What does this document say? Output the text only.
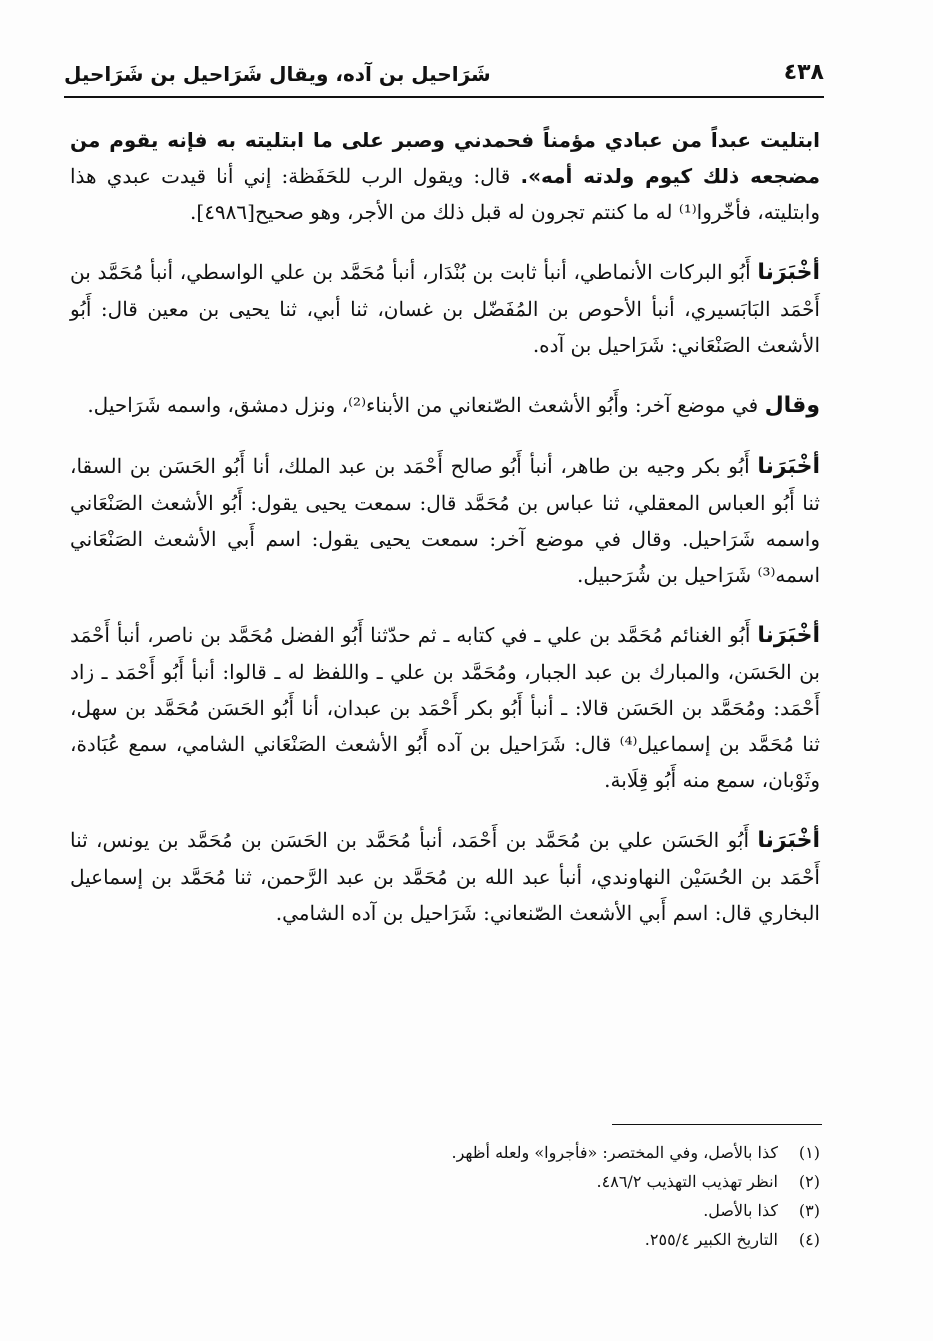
٤٣٨
شَرَاحيل بن آده، ويقال شَرَاحيل بن شَرَاحيل

ابتليت عبداً من عبادي مؤمناً فحمدني وصبر على ما ابتليته به فإنه يقوم من مضجعه ذلك كيوم ولدته أمه». قال: ويقول الرب للحَفَظة: إني أنا قيدت عبدي هذا وابتليته، فأخّروا⁽¹⁾ له ما كنتم تجرون له قبل ذلك من الأجر، وهو صحيح[٤٩٨٦].

أخْبَرَنا أَبُو البركات الأنماطي، أنبأ ثابت بن بُنْدَار، أنبأ مُحَمَّد بن علي الواسطي، أنبأ مُحَمَّد بن أَحْمَد البَابَسيري، أنبأ الأحوص بن المُفَضّل بن غسان، ثنا أبي، ثنا يحيى بن معين قال: أَبُو الأشعث الصَنْعَاني: شَرَاحيل بن آده.

وقال في موضع آخر: وأَبُو الأشعث الصّنعاني من الأبناء⁽²⁾، ونزل دمشق، واسمه شَرَاحيل.

أخْبَرَنا أَبُو بكر وجيه بن طاهر، أنبأ أَبُو صالح أَحْمَد بن عبد الملك، أنا أَبُو الحَسَن بن السقا، ثنا أَبُو العباس المعقلي، ثنا عباس بن مُحَمَّد قال: سمعت يحيى يقول: أَبُو الأشعث الصَنْعَاني واسمه شَرَاحيل. وقال في موضع آخر: سمعت يحيى يقول: اسم أَبي الأشعث الصَنْعَاني اسمه⁽³⁾ شَرَاحيل بن شُرَحبيل.

أخْبَرَنا أَبُو الغنائم مُحَمَّد بن علي ـ في كتابه ـ ثم حدّثنا أَبُو الفضل مُحَمَّد بن ناصر، أنبأ أَحْمَد بن الحَسَن، والمبارك بن عبد الجبار، ومُحَمَّد بن علي ـ واللفظ له ـ قالوا: أنبأ أَبُو أَحْمَد ـ زاد أَحْمَد: ومُحَمَّد بن الحَسَن قالا: ـ أنبأ أَبُو بكر أَحْمَد بن عبدان، أنا أَبُو الحَسَن مُحَمَّد بن سهل، ثنا مُحَمَّد بن إسماعيل⁽⁴⁾ قال: شَرَاحيل بن آده أَبُو الأشعث الصَنْعَاني الشامي، سمع عُبَادة، وثَوْبان، سمع منه أَبُو قِلَابة.

أخْبَرَنا أَبُو الحَسَن علي بن مُحَمَّد بن أَحْمَد، أنبأ مُحَمَّد بن الحَسَن بن مُحَمَّد بن يونس، ثنا أَحْمَد بن الحُسَيْن النهاوندي، أنبأ عبد الله بن مُحَمَّد بن عبد الرَّحمن، ثنا مُحَمَّد بن إسماعيل البخاري قال: اسم أَبي الأشعث الصّنعاني: شَرَاحيل بن آده الشامي.

(١)
كذا بالأصل، وفي المختصر: «فأجروا» ولعله أظهر.
(٢)
انظر تهذيب التهذيب ٤٨٦/٢.
(٣)
كذا بالأصل.
(٤)
التاريخ الكبير ٢٥٥/٤.
